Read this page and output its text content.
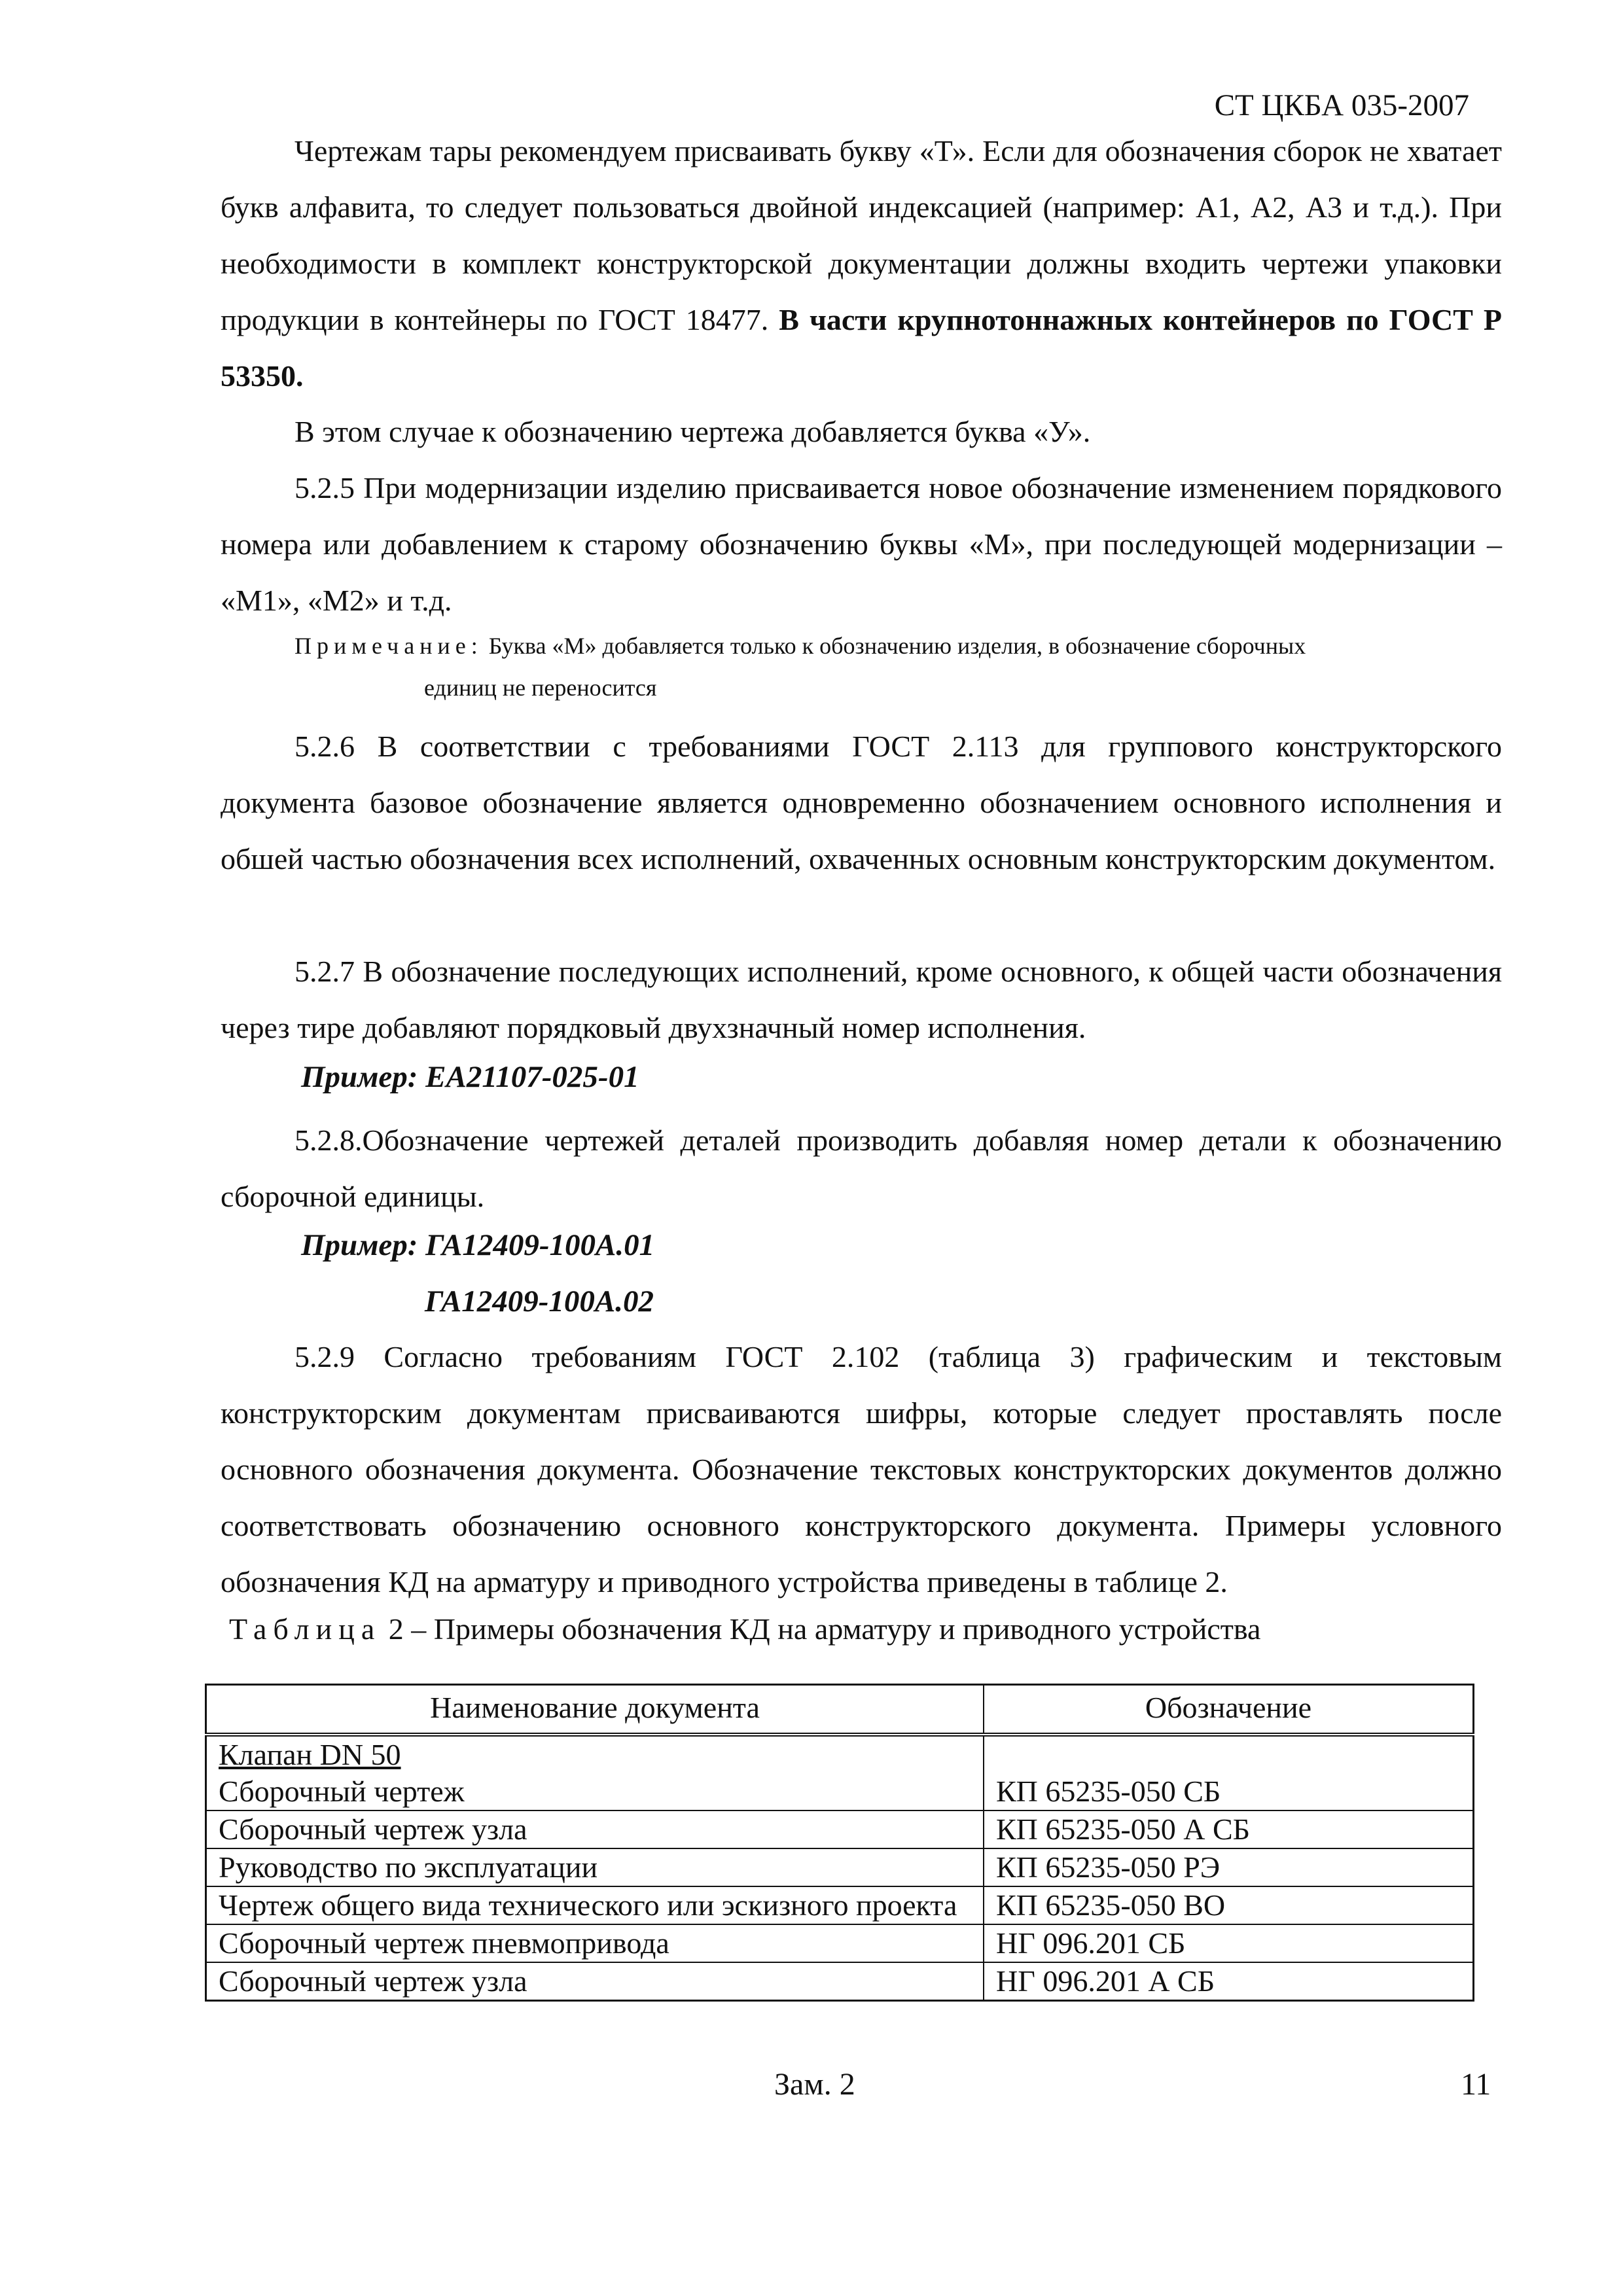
СТ ЦКБА 035-2007

Чертежам тары рекомендуем присваивать букву «Т». Если для обозначения сборок не хватает букв алфавита, то следует пользоваться двойной индексацией (например: А1, А2, А3 и т.д.). При необходимости в комплект конструкторской документации должны входить чертежи упаковки продукции в контейнеры по ГОСТ 18477. В части крупнотоннажных контейнеров по ГОСТ Р 53350.

В этом случае к обозначению чертежа добавляется буква «У».

5.2.5 При модернизации изделию присваивается новое обозначение изменением порядкового номера или добавлением к старому обозначению буквы «М», при последующей модернизации – «М1», «М2» и т.д.

Примечание: Буква «М» добавляется только к обозначению изделия, в обозначение сборочных
единиц не переносится

5.2.6 В соответствии с требованиями ГОСТ 2.113 для группового конструкторского документа базовое обозначение является одновременно обозначением основного исполнения и обшей частью обозначения всех исполнений, охваченных основным конструкторским документом.

5.2.7 В обозначение последующих исполнений, кроме основного, к общей части обозначения через тире добавляют порядковый двухзначный номер исполнения.

Пример: ЕА21107-025-01

5.2.8.Обозначение чертежей деталей производить добавляя номер детали к обозначению сборочной единицы.

Пример: ГА12409-100А.01
ГА12409-100А.02

5.2.9 Согласно требованиям ГОСТ 2.102 (таблица 3) графическим и текстовым конструкторским документам присваиваются шифры, которые следует проставлять после основного обозначения документа. Обозначение текстовых конструкторских документов должно соответствовать обозначению основного конструкторского документа. Примеры условного обозначения КД на арматуру и приводного устройства приведены в таблице 2.

Таблица 2 – Примеры обозначения КД на арматуру и приводного устройства
Наименование документа	Обозначение
Клапан DN 50
Сборочный чертеж	КП 65235-050 СБ
Сборочный чертеж узла	КП 65235-050 А СБ
Руководство по эксплуатации	КП 65235-050 РЭ
Чертеж общего вида технического или эскизного проекта	КП 65235-050 ВО
Сборочный чертеж пневмопривода	НГ 096.201 СБ
Сборочный чертеж узла	НГ 096.201 А СБ
Зам. 2	11
